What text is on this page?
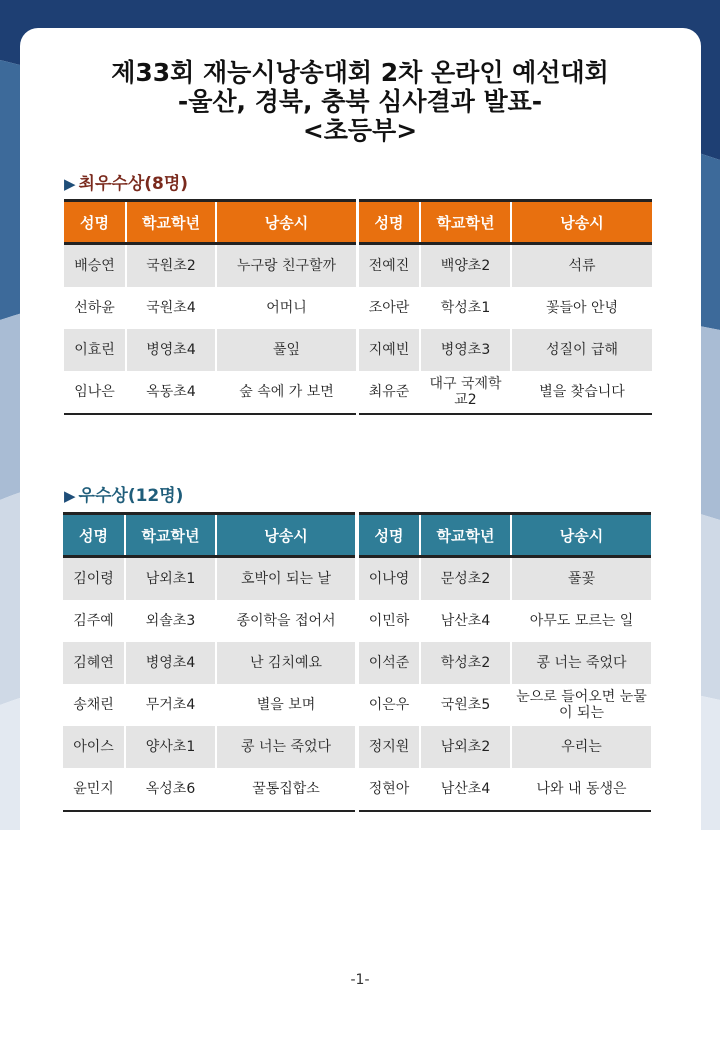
제33회 재능시낭송대회 2차 온라인 예선대회
-울산, 경북, 충북 심사결과 발표-
<초등부>
▶ 최우수상(8명)
성명	학교학년	낭송시
배승연	국원초2	누구랑 친구할까
선하윤	국원초4	어머니
이효린	병영초4	풀잎
임나은	옥동초4	숲 속에 가 보면
성명	학교학년	낭송시
전예진	백양초2	석류
조아란	학성초1	꽃들아 안녕
지예빈	병영초3	성질이 급해
최유준	대구 국제학교2	별을 찾습니다
▶ 우수상(12명)
성명	학교학년	낭송시
김이령	남외초1	호박이 되는 날
김주예	외솔초3	종이학을 접어서
김혜연	병영초4	난 김치예요
송채린	무거초4	별을 보며
아이스	양사초1	콩 너는 죽었다
윤민지	옥성초6	꿀통집합소
성명	학교학년	낭송시
이나영	문성초2	풀꽃
이민하	남산초4	아무도 모르는 일
이석준	학성초2	콩 너는 죽었다
이은우	국원초5	눈으로 들어오면 눈물이 되는
정지원	남외초2	우리는
정현아	남산초4	나와 내 동생은
-1-
